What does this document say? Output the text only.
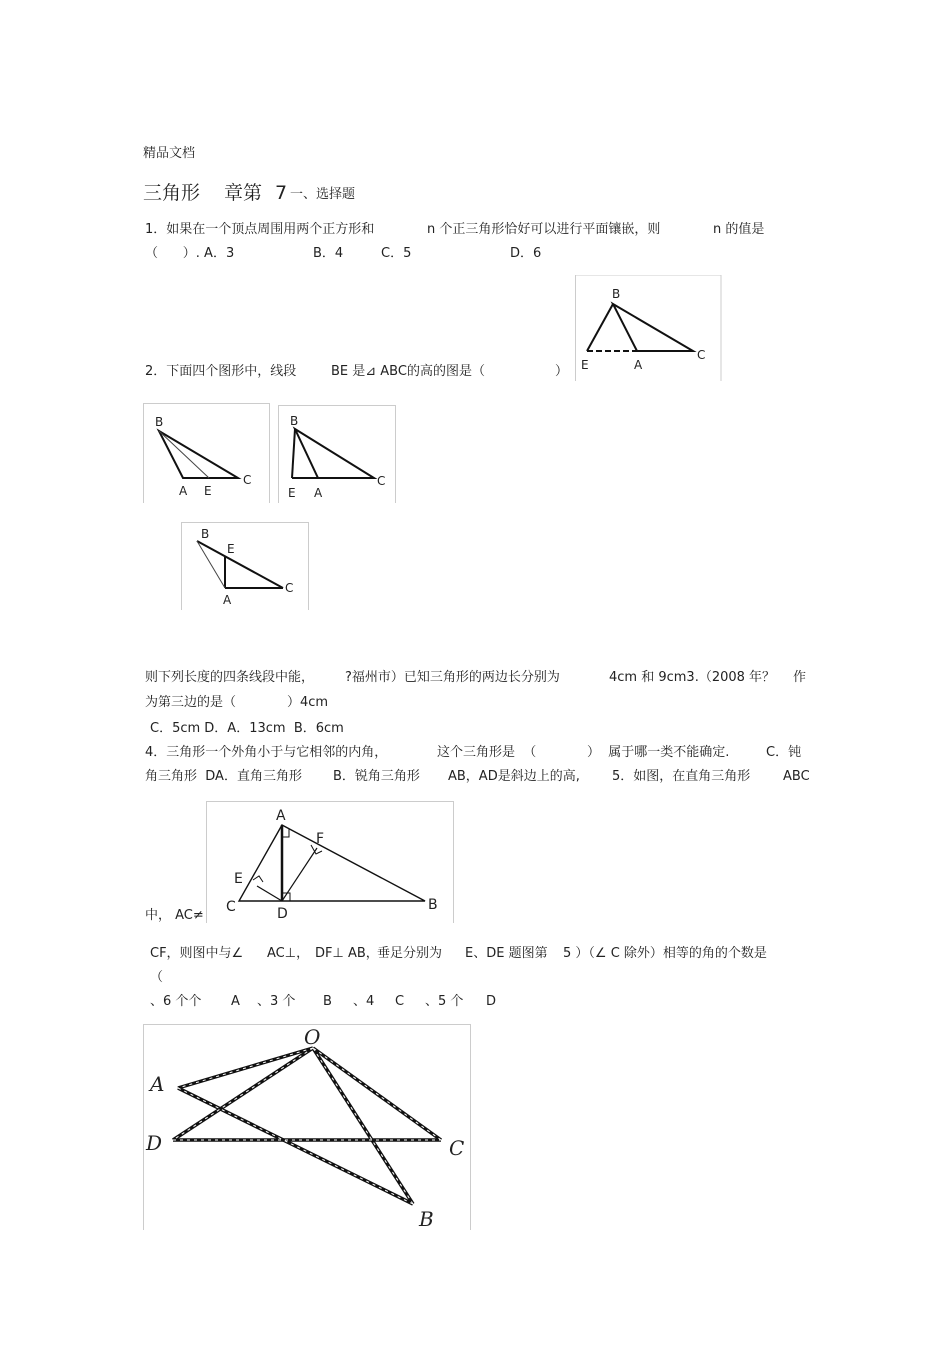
精品文档
三角形 章第 7 一、选择题
1．如果在一个顶点周围用两个正方形和	n 个正三角形恰好可以进行平面镶嵌，则	n 的值是
（      ）. A．3	B．4	C．5	D．6
2．下面四个图形中，线段	BE 是⊿ ABC的高的图是（	）
B
C
E	A
B
C
A E
B
C
E A
B
E
C
A
则下列长度的四条线段中能， ?福州市）已知三角形的两边长分别为	4cm 和 9cm3.（2008 年？ 作
为第三边的是（	）4cm
C．5cm D．A．13cm  B．6cm
4．三角形一个外角小于与它相邻的内角，	这个三角形是  （	）  属于哪一类不能确定.	C．钝
角三角形  DA．直角三角形 B．锐角三角形 AB，AD是斜边上的高, 5．如图，在直角三角形	ABC
A
F
E
C	D
B
中， AC≠
CF，则图中与∠ AC⊥， DF⊥ AB，
垂足分别为 E、DE 题图第 5 ）（∠ C 除外）相等的角的个数是
（
、6 个个 A 、3 个 B 、4 C 、5 个 D
O
A
D	C
B
